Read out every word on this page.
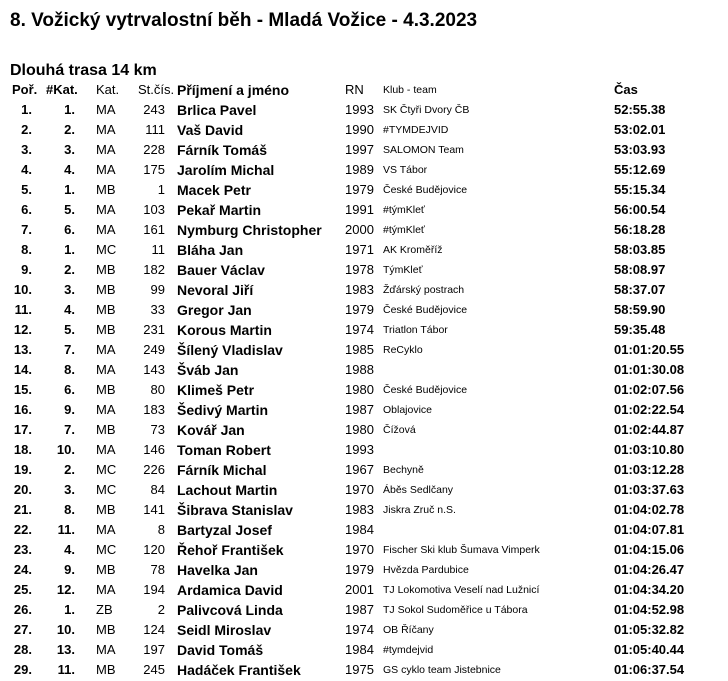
8. Vožický vytrvalostní běh - Mladá Vožice - 4.3.2023
Dlouhá trasa 14 km
Poř. #Kat. Kat. St.čís. Příjmení a jméno	RN Klub - team	Čas
1. 1. MA 243 Brlica Pavel	1993 SK Čtyři Dvory ČB	52:55.38
2. 2. MA 111 Vaš David	1990 #TYMDEJVID	53:02.01
3. 3. MA 228 Fárník Tomáš	1997 SALOMON Team	53:03.93
4. 4. MA 175 Jarolím Michal	1989 VS Tábor	55:12.69
5. 1. MB	1 Macek Petr	1979 České Budějovice	55:15.34
6. 5. MA 103 Pekař Martin	1991 #týmKleť	56:00.54
7. 6. MA 161 Nymburg Christopher 2000 #týmKleť	56:18.28
8. 1. MC	11 Bláha Jan	1971 AK Kroměříž	58:03.85
9. 2. MB 182 Bauer Václav	1978 TýmKleť	58:08.97
10. 3. MB	99 Nevoral Jiří	1983 Žďárský postrach	58:37.07
11. 4. MB	33 Gregor Jan	1979 České Budějovice	58:59.90
12. 5. MB 231 Korous Martin	1974 Triatlon Tábor	59:35.48
13. 7. MA 249 Šílený Vladislav	1985 ReCyklo	01:01:20.55
14. 8. MA 143 Šváb Jan	1988	01:01:30.08
15. 6. MB	80 Klimeš Petr	1980 České Budějovice	01:02:07.56
16. 9. MA 183 Šedivý Martin	1987 Oblajovice	01:02:22.54
17. 7. MB	73 Kovář Jan	1980 Čížová	01:02:44.87
18. 10. MA 146 Toman Robert	1993	01:03:10.80
19. 2. MC 226 Fárník Michal	1967 Bechyně	01:03:12.28
20. 3. MC	84 Lachout Martin	1970 Áběs Sedlčany	01:03:37.63
21. 8. MB 141 Šibrava Stanislav	1983 Jiskra Zruč n.S.	01:04:02.78
22. 11. MA	8 Bartyzal Josef	1984	01:04:07.81
23. 4. MC 120 Řehoř František	1970 Fischer Ski klub Šumava Vimperk	01:04:15.06
24. 9. MB	78 Havelka Jan	1979 Hvězda Pardubice	01:04:26.47
25. 12. MA 194 Ardamica David	2001 TJ Lokomotiva Veselí nad Lužnicí	01:04:34.20
26. 1. ZB	2 Palivcová Linda	1987 TJ Sokol Sudoměřice u Tábora	01:04:52.98
27. 10. MB 124 Seidl Miroslav	1974 OB Říčany	01:05:32.82
28. 13. MA 197 David Tomáš	1984 #tymdejvid	01:05:40.44
29. 11. MB 245 Hadáček František	1975 GS cyklo team Jistebnice	01:06:37.54
